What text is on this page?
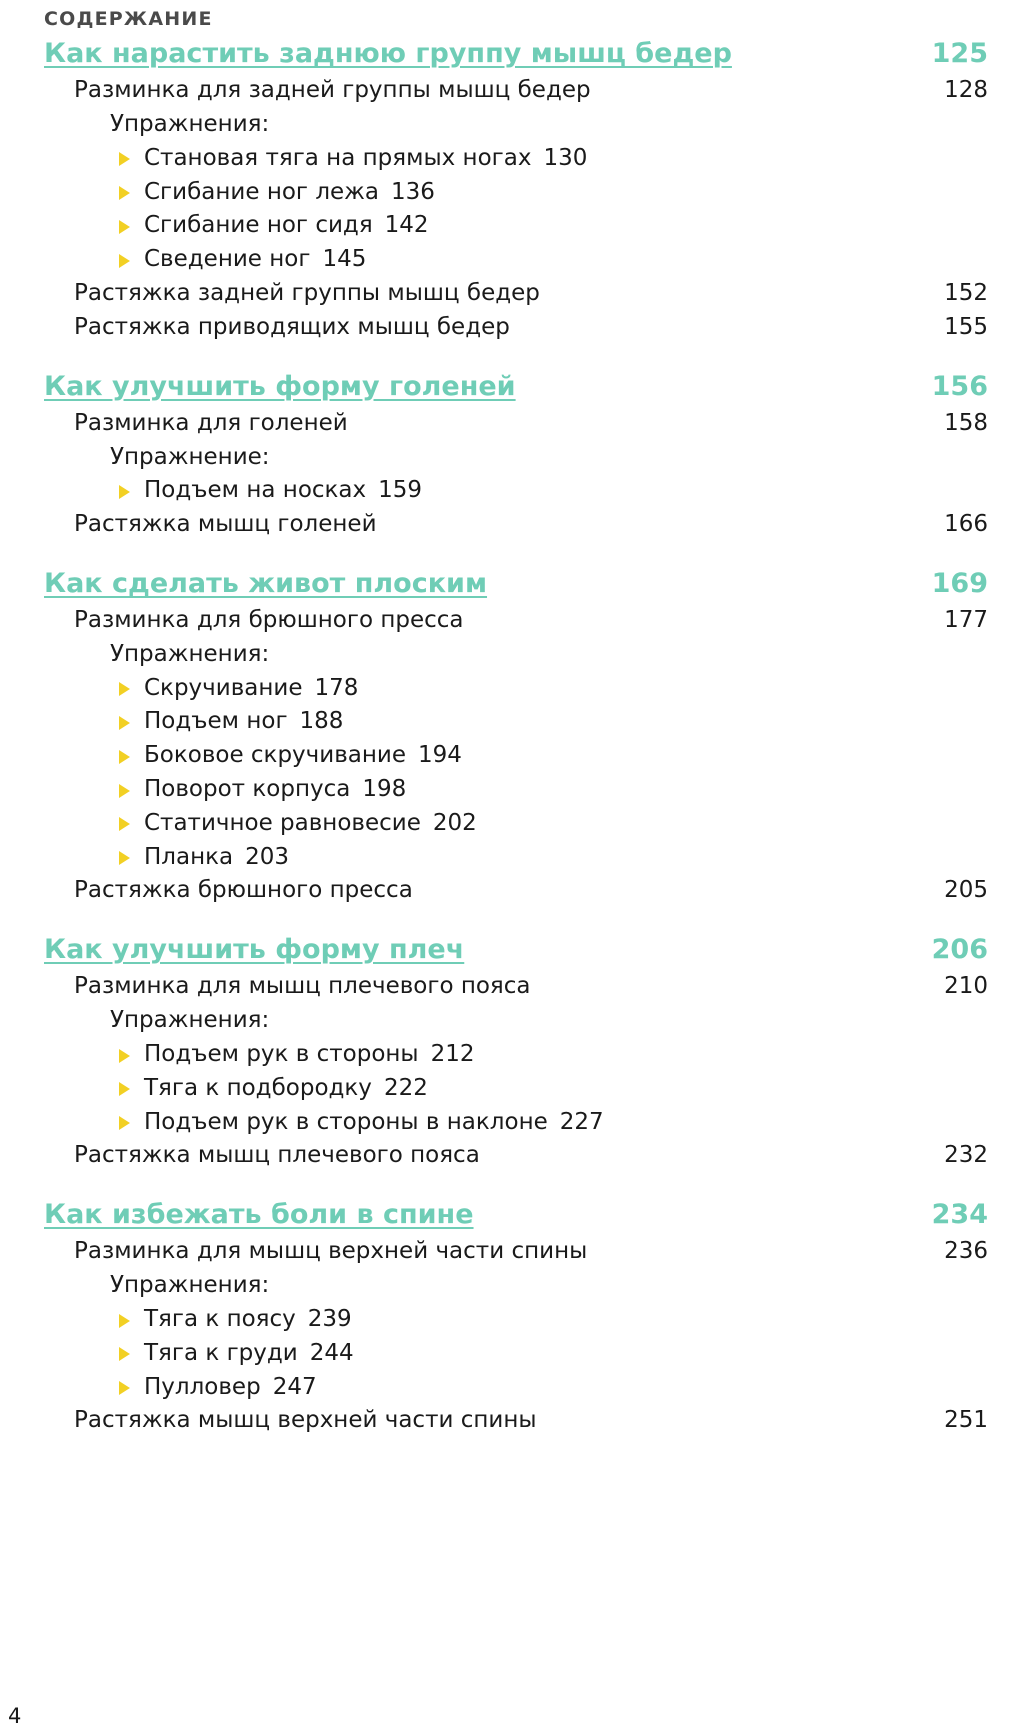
СОДЕРЖАНИЕ
Как нарастить заднюю группу мышц бедер	125
Разминка для задней группы мышц бедер	128
Упражнения:
Становая тяга на прямых ногах 130
Сгибание ног лежа 136
Сгибание ног сидя 142
Сведение ног 145
Растяжка задней группы мышц бедер	152
Растяжка приводящих мышц бедер	155
Как улучшить форму голеней	156
Разминка для голеней	158
Упражнение:
Подъем на носках 159
Растяжка мышц голеней	166
Как сделать живот плоским	169
Разминка для брюшного пресса	177
Упражнения:
Скручивание 178
Подъем ног 188
Боковое скручивание 194
Поворот корпуса 198
Статичное равновесие 202
Планка 203
Растяжка брюшного пресса	205
Как улучшить форму плеч	206
Разминка для мышц плечевого пояса	210
Упражнения:
Подъем рук в стороны 212
Тяга к подбородку 222
Подъем рук в стороны в наклоне 227
Растяжка мышц плечевого пояса	232
Как избежать боли в спине	234
Разминка для мышц верхней части спины	236
Упражнения:
Тяга к поясу 239
Тяга к груди 244
Пулловер 247
Растяжка мышц верхней части спины	251
4
